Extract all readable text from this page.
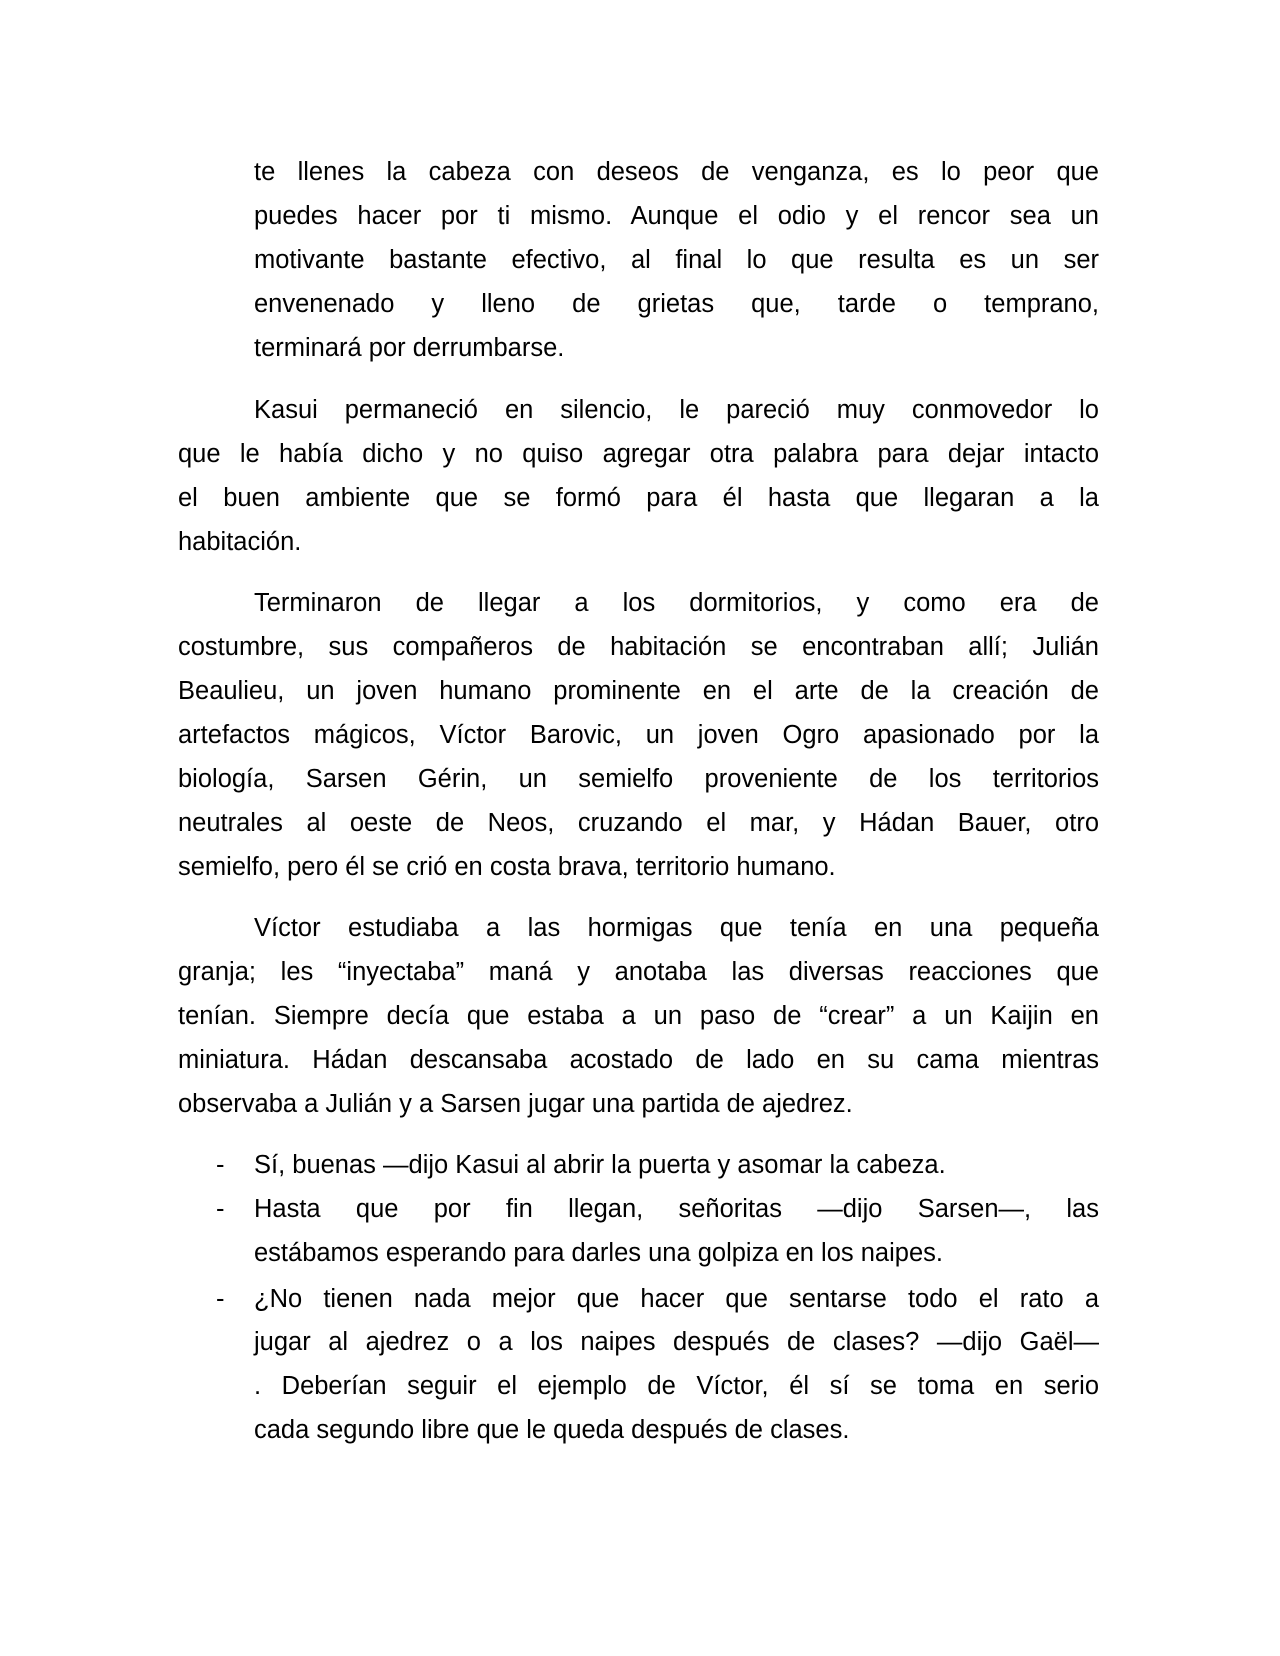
te llenes la cabeza con deseos de venganza, es lo peor que
puedes hacer por ti mismo. Aunque el odio y el rencor sea un
motivante bastante efectivo, al final lo que resulta es un ser
envenenado y lleno de grietas que, tarde o temprano,
terminará por derrumbarse.
Kasui permaneció en silencio, le pareció muy conmovedor lo
que le había dicho y no quiso agregar otra palabra para dejar intacto
el buen ambiente que se formó para él hasta que llegaran a la
habitación.
Terminaron de llegar a los dormitorios, y como era de
costumbre, sus compañeros de habitación se encontraban allí; Julián
Beaulieu, un joven humano prominente en el arte de la creación de
artefactos mágicos, Víctor Barovic, un joven Ogro apasionado por la
biología, Sarsen Gérin, un semielfo proveniente de los territorios
neutrales al oeste de Neos, cruzando el mar, y Hádan Bauer, otro
semielfo, pero él se crió en costa brava, territorio humano.
Víctor estudiaba a las hormigas que tenía en una pequeña
granja; les “inyectaba” maná y anotaba las diversas reacciones que
tenían. Siempre decía que estaba a un paso de “crear” a un Kaijin en
miniatura. Hádan descansaba acostado de lado en su cama mientras
observaba a Julián y a Sarsen jugar una partida de ajedrez.
-	Sí, buenas —dijo Kasui al abrir la puerta y asomar la cabeza.
-	Hasta que por fin llegan, señoritas —dijo Sarsen—, las
estábamos esperando para darles una golpiza en los naipes.
-	¿No tienen nada mejor que hacer que sentarse todo el rato a
jugar al ajedrez o a los naipes después de clases? —dijo Gaël—
. Deberían seguir el ejemplo de Víctor, él sí se toma en serio
cada segundo libre que le queda después de clases.
